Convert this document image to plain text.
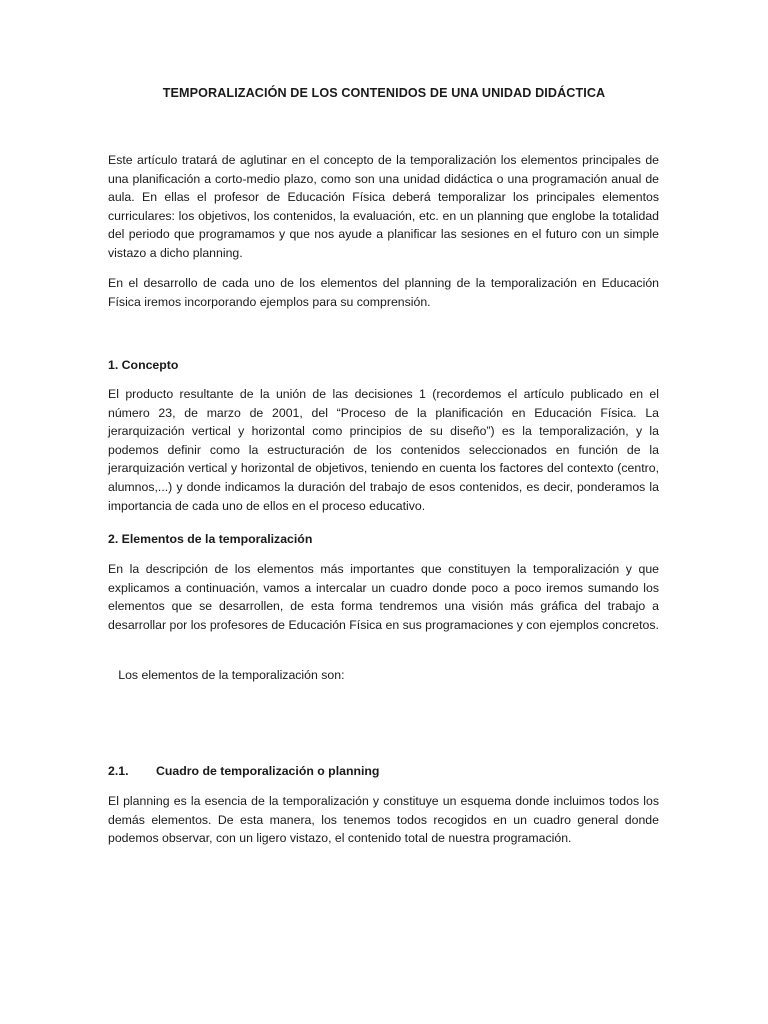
TEMPORALIZACIÓN DE LOS CONTENIDOS DE UNA UNIDAD DIDÁCTICA

Este artículo tratará de aglutinar en el concepto de la temporalización los elementos principales de una planificación a corto-medio plazo, como son una unidad didáctica o una programación anual de aula. En ellas el profesor de Educación Física deberá temporalizar los principales elementos curriculares: los objetivos, los contenidos, la evaluación, etc. en un planning que englobe la totalidad del periodo que programamos y que nos ayude a planificar las sesiones en el futuro con un simple vistazo a dicho planning.

En el desarrollo de cada uno de los elementos del planning de la temporalización en Educación Física iremos incorporando ejemplos para su comprensión.

1. Concepto

El producto resultante de la unión de las decisiones 1 (recordemos el artículo publicado en el número 23, de marzo de 2001, del “Proceso de la planificación en Educación Física. La jerarquización vertical y horizontal como principios de su diseño”) es la temporalización, y la podemos definir como la estructuración de los contenidos seleccionados en función de la jerarquización vertical y horizontal de objetivos, teniendo en cuenta los factores del contexto (centro, alumnos,...) y donde indicamos la duración del trabajo de esos contenidos, es decir, ponderamos la importancia de cada uno de ellos en el proceso educativo.

2. Elementos de la temporalización

En la descripción de los elementos más importantes que constituyen la temporalización y que explicamos a continuación, vamos a intercalar un cuadro donde poco a poco iremos sumando los elementos que se desarrollen, de esta forma tendremos una visión más gráfica del trabajo a desarrollar por los profesores de Educación Física en sus programaciones y con ejemplos concretos.

Los elementos de la temporalización son:

2.1. Cuadro de temporalización o planning

El planning es la esencia de la temporalización y constituye un esquema donde incluimos todos los demás elementos. De esta manera, los tenemos todos recogidos en un cuadro general donde podemos observar, con un ligero vistazo, el contenido total de nuestra programación.
